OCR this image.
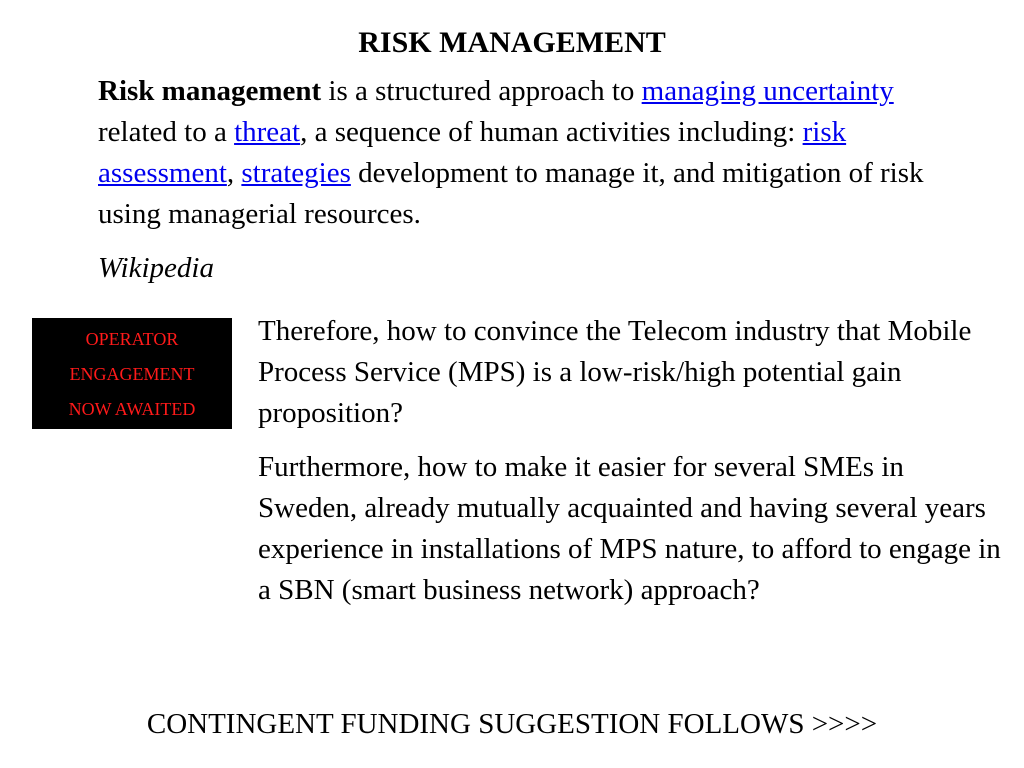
RISK MANAGEMENT

Risk management is a structured approach to managing uncertainty related to a threat, a sequence of human activities including: risk assessment, strategies development to manage it, and mitigation of risk using managerial resources.

Wikipedia

OPERATOR
ENGAGEMENT
NOW AWAITED

Therefore, how to convince the Telecom industry that Mobile Process Service (MPS) is a low-risk/high potential gain proposition?

Furthermore, how to make it easier for several SMEs in Sweden, already mutually acquainted and having several years experience in installations of MPS nature, to afford to engage in a SBN (smart business network) approach?

CONTINGENT FUNDING SUGGESTION FOLLOWS >>>>
